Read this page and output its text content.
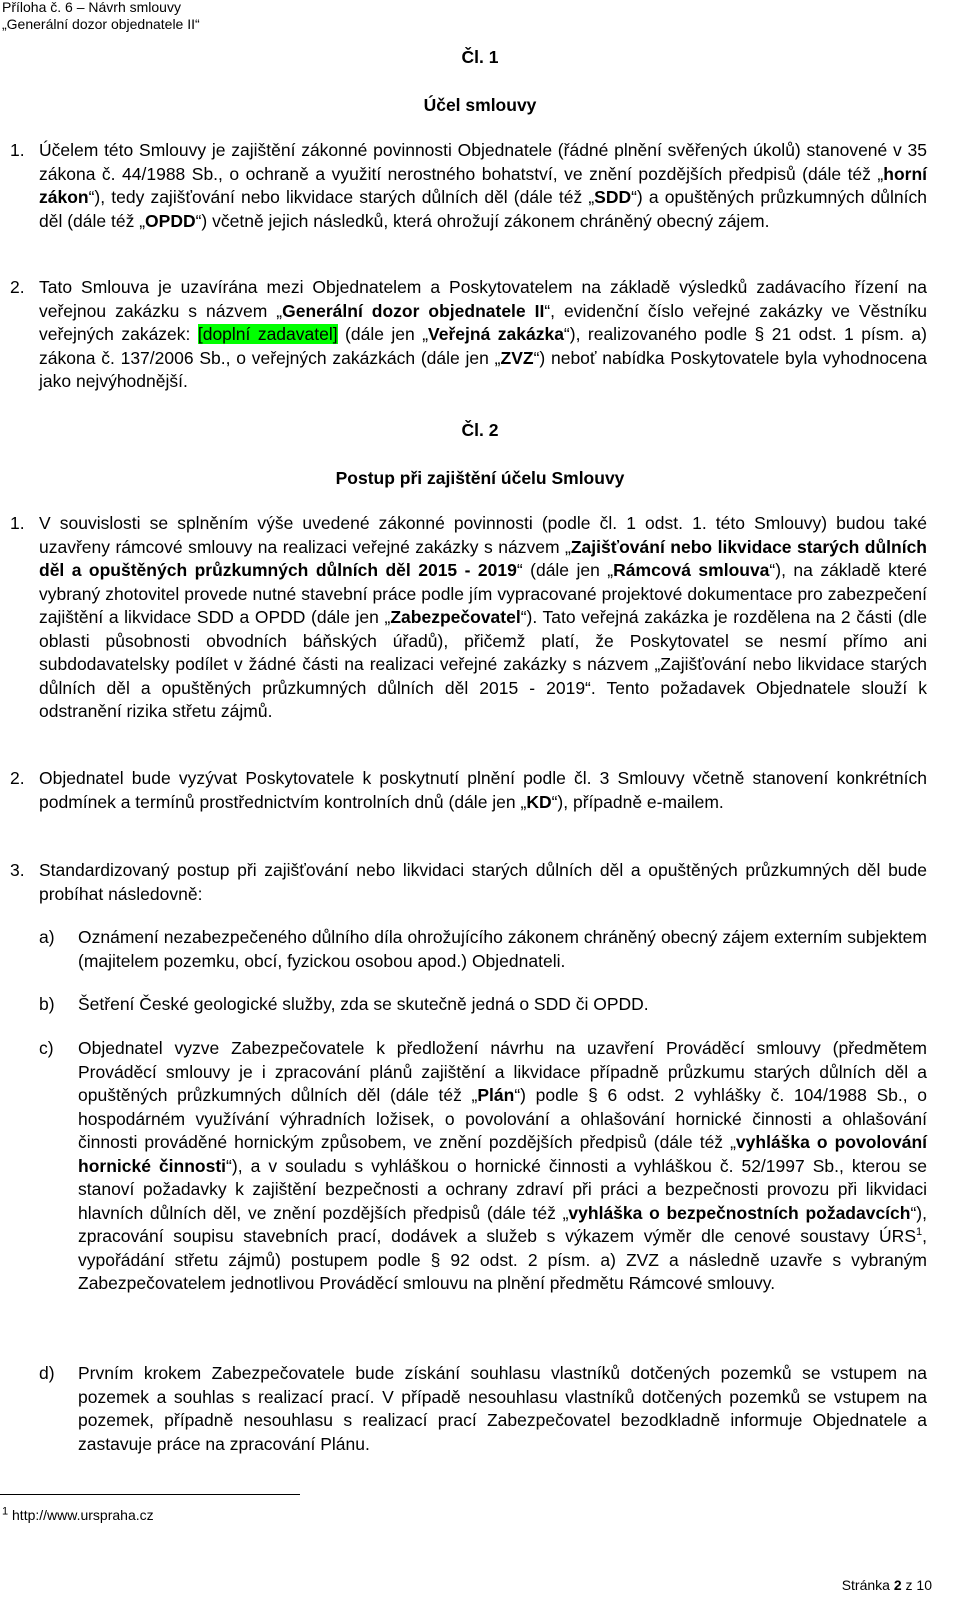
Příloha č. 6 – Návrh smlouvy
„Generální dozor objednatele II“
Čl. 1
Účel smlouvy
1. Účelem této Smlouvy je zajištění zákonné povinnosti Objednatele (řádné plnění svěřených úkolů) stanovené v 35 zákona č. 44/1988 Sb., o ochraně a využití nerostného bohatství, ve znění pozdějších předpisů (dále též „horní zákon“), tedy zajišťování nebo likvidace starých důlních děl (dále též „SDD“) a opuštěných průzkumných důlních děl (dále též „OPDD“) včetně jejich následků, která ohrožují zákonem chráněný obecný zájem.
2. Tato Smlouva je uzavírána mezi Objednatelem a Poskytovatelem na základě výsledků zadávacího řízení na veřejnou zakázku s názvem „Generální dozor objednatele II“, evidenční číslo veřejné zakázky ve Věstníku veřejných zakázek: [doplní zadavatel] (dále jen „Veřejná zakázka“), realizovaného podle § 21 odst. 1 písm. a) zákona č. 137/2006 Sb., o veřejných zakázkách (dále jen „ZVZ“) neboť nabídka Poskytovatele byla vyhodnocena jako nejvýhodnější.
Čl. 2
Postup při zajištění účelu Smlouvy
1. V souvislosti se splněním výše uvedené zákonné povinnosti (podle čl. 1 odst. 1. této Smlouvy) budou také uzavřeny rámcové smlouvy na realizaci veřejné zakázky s názvem „Zajišťování nebo likvidace starých důlních děl a opuštěných průzkumných důlních děl 2015 - 2019“ (dále jen „Rámcová smlouva“), na základě které vybraný zhotovitel provede nutné stavební práce podle jím vypracované projektové dokumentace pro zabezpečení zajištění a likvidace SDD a OPDD (dále jen „Zabezpečovatel“). Tato veřejná zakázka je rozdělena na 2 části (dle oblasti působnosti obvodních báňských úřadů), přičemž platí, že Poskytovatel se nesmí přímo ani subdodavatelsky podílet v žádné části na realizaci veřejné zakázky s názvem „Zajišťování nebo likvidace starých důlních děl a opuštěných průzkumných důlních děl 2015 - 2019“. Tento požadavek Objednatele slouží k odstranění rizika střetu zájmů.
2. Objednatel bude vyzývat Poskytovatele k poskytnutí plnění podle čl. 3 Smlouvy včetně stanovení konkrétních podmínek a termínů prostřednictvím kontrolních dnů (dále jen „KD“), případně e-mailem.
3. Standardizovaný postup při zajišťování nebo likvidaci starých důlních děl a opuštěných průzkumných děl bude probíhat následovně:
a) Oznámení nezabezpečeného důlního díla ohrožujícího zákonem chráněný obecný zájem externím subjektem (majitelem pozemku, obcí, fyzickou osobou apod.) Objednateli.
b) Šetření České geologické služby, zda se skutečně jedná o SDD či OPDD.
c) Objednatel vyzve Zabezpečovatele k předložení návrhu na uzavření Prováděcí smlouvy (předmětem Prováděcí smlouvy je i zpracování plánů zajištění a likvidace případně průzkumu starých důlních děl a opuštěných průzkumných důlních děl (dále též „Plán“) podle § 6 odst. 2 vyhlášky č. 104/1988 Sb., o hospodárném využívání výhradních ložisek, o povolování a ohlašování hornické činnosti a ohlašování činnosti prováděné hornickým způsobem, ve znění pozdějších předpisů (dále též „vyhláška o povolování hornické činnosti“), a v souladu s vyhláškou o hornické činnosti a vyhláškou č. 52/1997 Sb., kterou se stanoví požadavky k zajištění bezpečnosti a ochrany zdraví při práci a bezpečnosti provozu při likvidaci hlavních důlních děl, ve znění pozdějších předpisů (dále též „vyhláška o bezpečnostních požadavcích“), zpracování soupisu stavebních prací, dodávek a služeb s výkazem výměr dle cenové soustavy ÚRS$^1$, vypořádání střetu zájmů) postupem podle § 92 odst. 2 písm. a) ZVZ a následně uzavře s vybraným Zabezpečovatelem jednotlivou Prováděcí smlouvu na plnění předmětu Rámcové smlouvy.
d) Prvním krokem Zabezpečovatele bude získání souhlasu vlastníků dotčených pozemků se vstupem na pozemek a souhlas s realizací prací. V případě nesouhlasu vlastníků dotčených pozemků se vstupem na pozemek, případně nesouhlasu s realizací prací Zabezpečovatel bezodkladně informuje Objednatele a zastavuje práce na zpracování Plánu.
$^1$ http://www.urspraha.cz
Stránka 2 z 10
